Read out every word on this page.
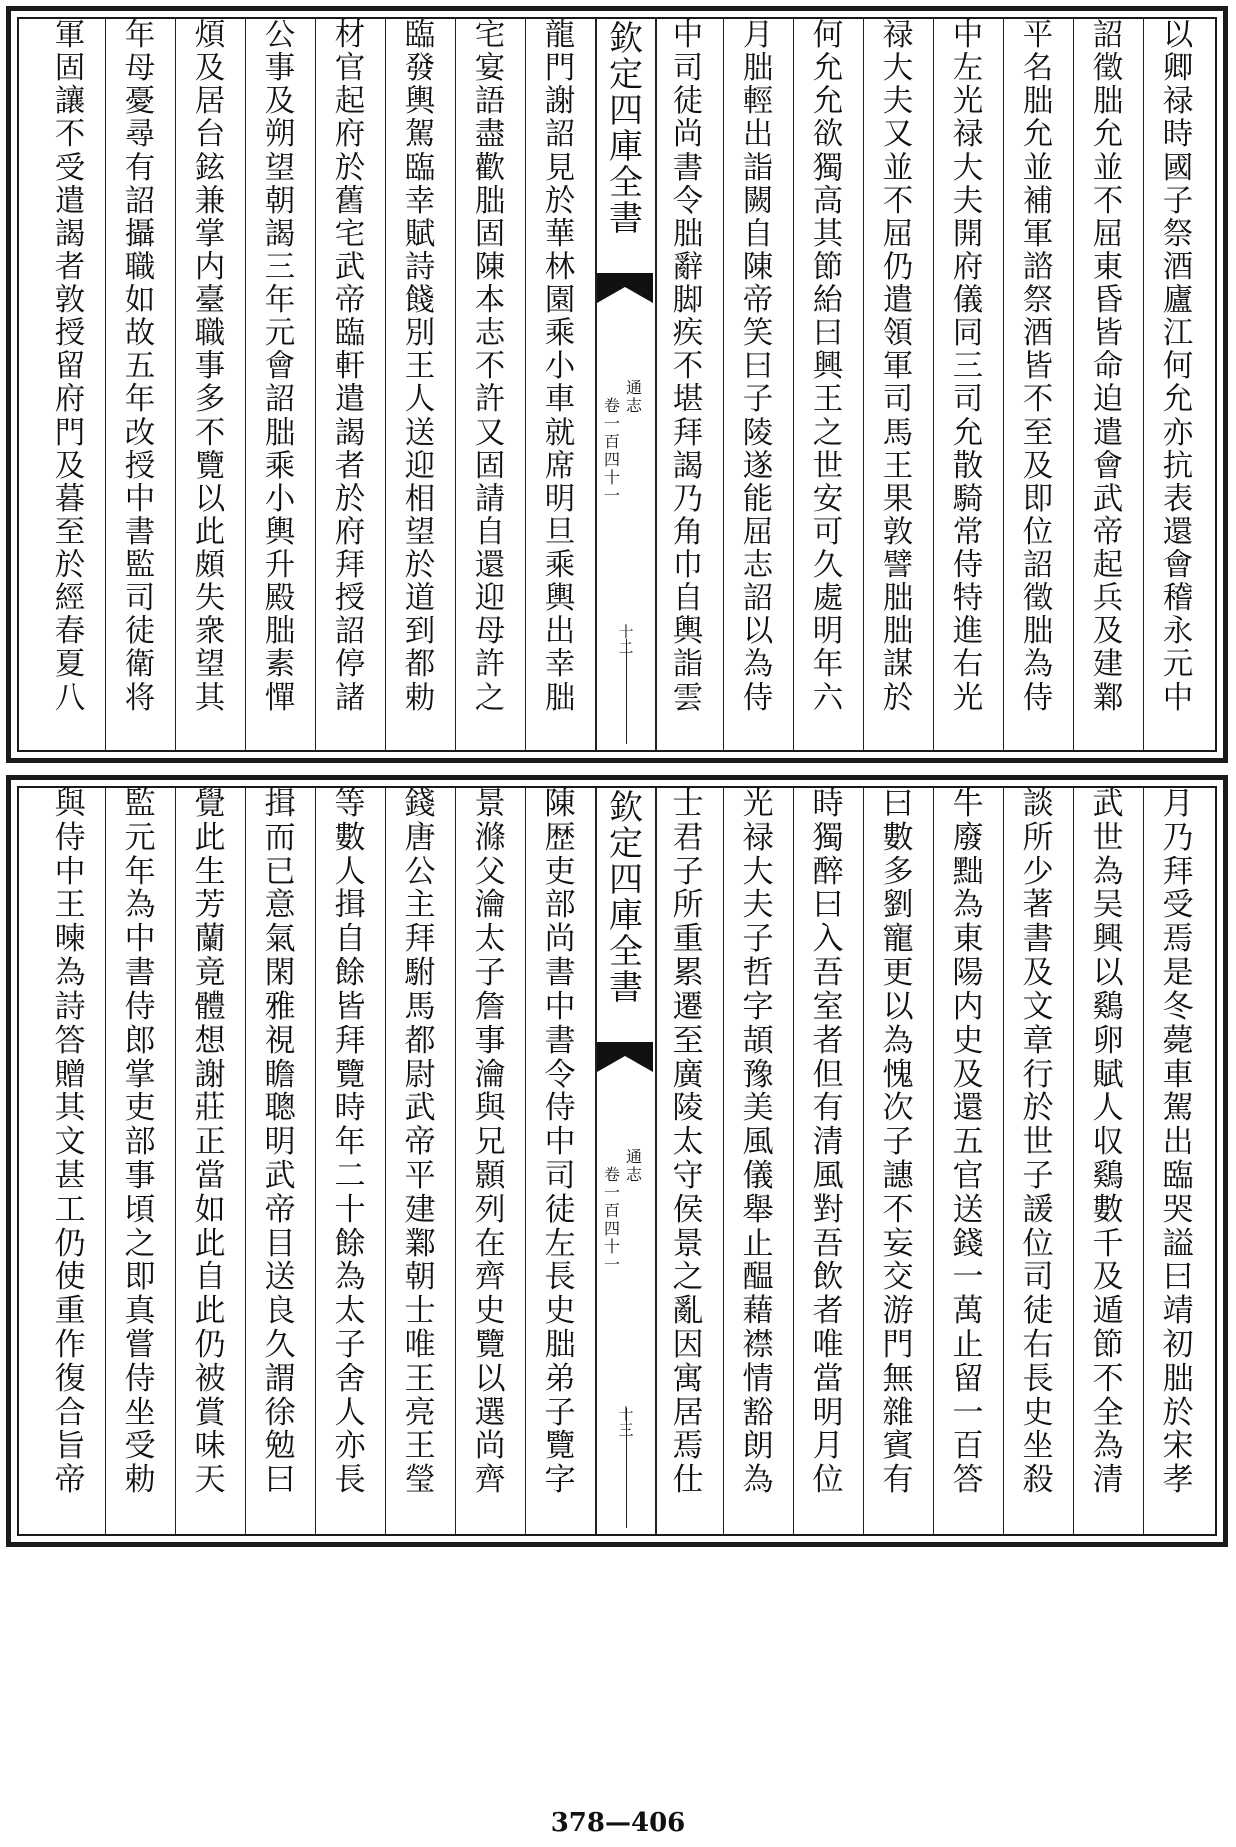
以
卿
禄
時
國
子
祭
酒
廬
江
何
允
亦
抗
表
還
會
稽
永
元
中
詔
徵
朏
允
並
不
屈
東
昏
皆
命
迫
遣
會
武
帝
起
兵
及
建
鄴
平
名
朏
允
並
補
軍
諮
祭
酒
皆
不
至
及
即
位
詔
徵
朏
為
侍
中
左
光
禄
大
夫
開
府
儀
同
三
司
允
散
騎
常
侍
特
進
右
光
禄
大
夫
又
並
不
屈
仍
遣
領
軍
司
馬
王
果
敦
譬
朏
朏
謀
於
何
允
允
欲
獨
高
其
節
紿
曰
興
王
之
世
安
可
久
處
明
年
六
月
朏
輕
出
詣
闕
自
陳
帝
笑
曰
子
陵
遂
能
屈
志
詔
以
為
侍
中
司
徒
尚
書
令
朏
辭
脚
疾
不
堪
拜
謁
乃
角
巾
自
輿
詣
雲
欽
定
四
庫
全
書
通
志
卷
一
百
四
十
一
十
二
龍
門
謝
詔
見
於
華
林
園
乘
小
車
就
席
明
旦
乘
輿
出
幸
朏
宅
宴
語
盡
歡
朏
固
陳
本
志
不
許
又
固
請
自
還
迎
母
許
之
臨
發
輿
駕
臨
幸
賦
詩
餞
別
王
人
送
迎
相
望
於
道
到
都
勅
材
官
起
府
於
舊
宅
武
帝
臨
軒
遣
謁
者
於
府
拜
授
詔
停
諸
公
事
及
朔
望
朝
謁
三
年
元
會
詔
朏
乘
小
輿
升
殿
朏
素
憚
煩
及
居
台
鉉
兼
掌
内
臺
職
事
多
不
覽
以
此
頗
失
衆
望
其
年
母
憂
尋
有
詔
攝
職
如
故
五
年
改
授
中
書
監
司
徒
衛
将
軍
固
讓
不
受
遣
謁
者
敦
授
留
府
門
及
暮
至
於
經
春
夏
八
月
乃
拜
受
焉
是
冬
薨
車
駕
出
臨
哭
謚
曰
靖
初
朏
於
宋
孝
武
世
為
吴
興
以
鷄
卵
賦
人
収
鷄
數
千
及
遁
節
不
全
為
清
談
所
少
著
書
及
文
章
行
於
世
子
諼
位
司
徒
右
長
史
坐
殺
牛
廢
黜
為
東
陽
内
史
及
還
五
官
送
錢
一
萬
止
留
一
百
答
曰
數
多
劉
寵
更
以
為
愧
次
子
譓
不
妄
交
游
門
無
雜
賓
有
時
獨
醉
曰
入
吾
室
者
但
有
清
風
對
吾
飲
者
唯
當
明
月
位
光
禄
大
夫
子
哲
字
頡
豫
美
風
儀
舉
止
醖
藉
襟
情
豁
朗
為
士
君
子
所
重
累
遷
至
廣
陵
太
守
侯
景
之
亂
因
寓
居
焉
仕
欽
定
四
庫
全
書
通
志
卷
一
百
四
十
一
十
三
陳
歴
吏
部
尚
書
中
書
令
侍
中
司
徒
左
長
史
朏
弟
子
覽
字
景
滌
父
瀹
太
子
詹
事
瀹
與
兄
顥
列
在
齊
史
覽
以
選
尚
齊
錢
唐
公
主
拜
駙
馬
都
尉
武
帝
平
建
鄴
朝
士
唯
王
亮
王
瑩
等
數
人
揖
自
餘
皆
拜
覽
時
年
二
十
餘
為
太
子
舍
人
亦
長
揖
而
已
意
氣
閑
雅
視
瞻
聰
明
武
帝
目
送
良
久
謂
徐
勉
曰
覺
此
生
芳
蘭
竟
體
想
謝
莊
正
當
如
此
自
此
仍
被
賞
味
天
監
元
年
為
中
書
侍
郎
掌
吏
部
事
頃
之
即
真
嘗
侍
坐
受
勅
與
侍
中
王
暕
為
詩
答
贈
其
文
甚
工
仍
使
重
作
復
合
旨
帝
378—406
